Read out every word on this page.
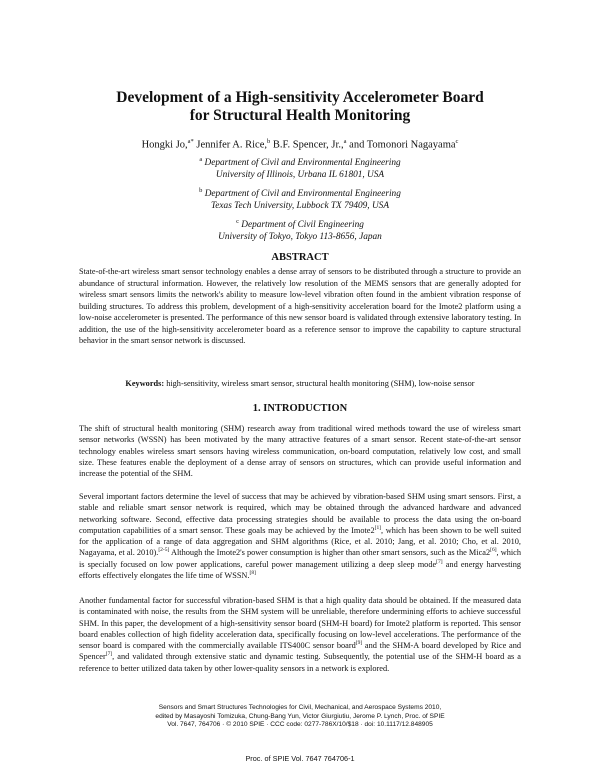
Development of a High-sensitivity Accelerometer Board
for Structural Health Monitoring
Hongki Jo,$^{a*}$ Jennifer A. Rice,$^b$ B.F. Spencer, Jr.,$^a$ and Tomonori Nagayama$^c$
$^a$ Department of Civil and Environmental Engineering
University of Illinois, Urbana IL 61801, USA
$^b$ Department of Civil and Environmental Engineering
Texas Tech University, Lubbock TX 79409, USA
$^c$ Department of Civil Engineering
University of Tokyo, Tokyo 113-8656, Japan
ABSTRACT
State-of-the-art wireless smart sensor technology enables a dense array of sensors to be distributed through a structure to provide an abundance of structural information. However, the relatively low resolution of the MEMS sensors that are generally adopted for wireless smart sensors limits the network's ability to measure low-level vibration often found in the ambient vibration response of building structures. To address this problem, development of a high-sensitivity acceleration board for the Imote2 platform using a low-noise accelerometer is presented. The performance of this new sensor board is validated through extensive laboratory testing. In addition, the use of the high-sensitivity accelerometer board as a reference sensor to improve the capability to capture structural behavior in the smart sensor network is discussed.
Keywords: high-sensitivity, wireless smart sensor, structural health monitoring (SHM), low-noise sensor
1. INTRODUCTION
The shift of structural health monitoring (SHM) research away from traditional wired methods toward the use of wireless smart sensor networks (WSSN) has been motivated by the many attractive features of a smart sensor. Recent state-of-the-art sensor technology enables wireless smart sensors having wireless communication, on-board computation, relatively low cost, and small size. These features enable the deployment of a dense array of sensors on structures, which can provide useful information and increase the potential of the SHM.
Several important factors determine the level of success that may be achieved by vibration-based SHM using smart sensors. First, a stable and reliable smart sensor network is required, which may be obtained through the advanced hardware and advanced networking software. Second, effective data processing strategies should be available to process the data using the on-board computation capabilities of a smart sensor. These goals may be achieved by the Imote2[1], which has been shown to be well suited for the application of a range of data aggregation and SHM algorithms (Rice, et al. 2010; Jang, et al. 2010; Cho, et al. 2010, Nagayama, et al. 2010).[2-5] Although the Imote2's power consumption is higher than other smart sensors, such as the Mica2[6], which is specially focused on low power applications, careful power management utilizing a deep sleep mode[7] and energy harvesting efforts effectively elongates the life time of WSSN.[8]
Another fundamental factor for successful vibration-based SHM is that a high quality data should be obtained. If the measured data is contaminated with noise, the results from the SHM system will be unreliable, therefore undermining efforts to achieve successful SHM. In this paper, the development of a high-sensitivity sensor board (SHM-H board) for Imote2 platform is reported. This sensor board enables collection of high fidelity acceleration data, specifically focusing on low-level accelerations. The performance of the sensor board is compared with the commercially available ITS400C sensor board[9] and the SHM-A board developed by Rice and Spencer[7], and validated through extensive static and dynamic testing. Subsequently, the potential use of the SHM-H board as a reference to better utilized data taken by other lower-quality sensors in a network is explored.
Sensors and Smart Structures Technologies for Civil, Mechanical, and Aerospace Systems 2010,
edited by Masayoshi Tomizuka, Chung-Bang Yun, Victor Giurgiutiu, Jerome P. Lynch, Proc. of SPIE
Vol. 7647, 764706 · © 2010 SPIE · CCC code: 0277-786X/10/$18 · doi: 10.1117/12.848905
Proc. of SPIE Vol. 7647 764706-1
